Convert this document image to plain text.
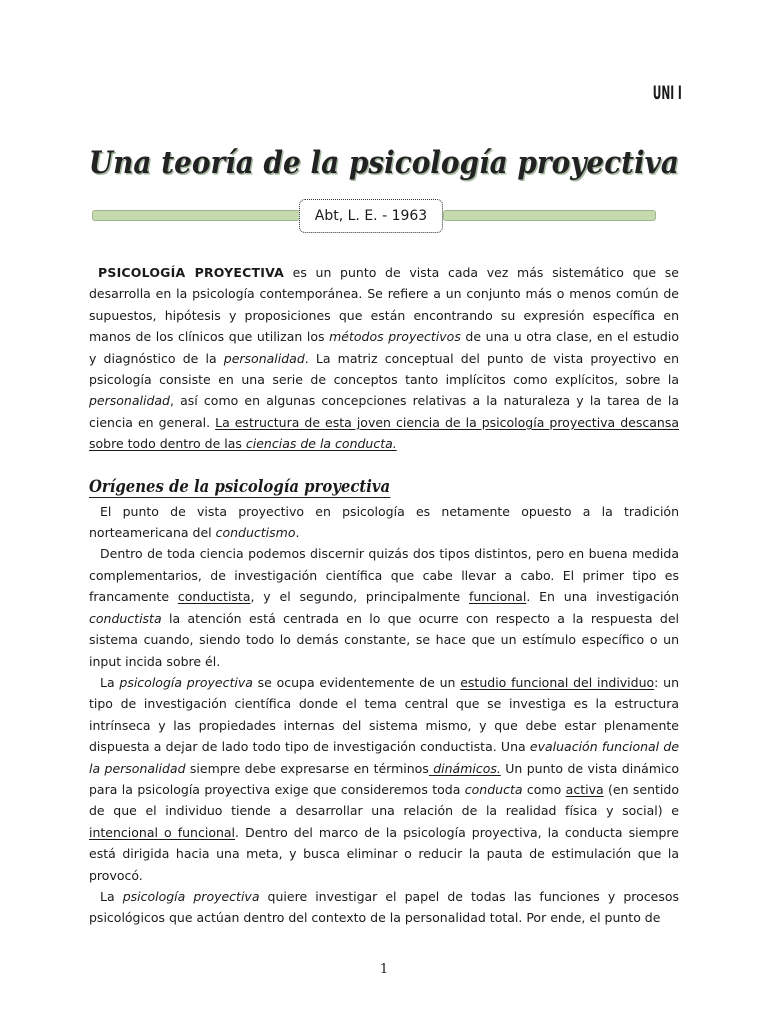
UNI I
Una teoría de la psicología proyectiva
Abt, L. E. - 1963

PSICOLOGÍA PROYECTIVA es un punto de vista cada vez más sistemático que se desarrolla en la psicología contemporánea. Se refiere a un conjunto más o menos común de supuestos, hipótesis y proposiciones que están encontrando su expresión específica en manos de los clínicos que utilizan los métodos proyectivos de una u otra clase, en el estudio y diagnóstico de la personalidad. La matriz conceptual del punto de vista proyectivo en psicología consiste en una serie de conceptos tanto implícitos como explícitos, sobre la personalidad, así como en algunas concepciones relativas a la naturaleza y la tarea de la ciencia en general. La estructura de esta joven ciencia de la psicología proyectiva descansa sobre todo dentro de las ciencias de la conducta.

Orígenes de la psicología proyectiva

El punto de vista proyectivo en psicología es netamente opuesto a la tradición norteamericana del conductismo.

Dentro de toda ciencia podemos discernir quizás dos tipos distintos, pero en buena medida complementarios, de investigación científica que cabe llevar a cabo. El primer tipo es francamente conductista, y el segundo, principalmente funcional. En una investigación conductista la atención está centrada en lo que ocurre con respecto a la respuesta del sistema cuando, siendo todo lo demás constante, se hace que un estímulo específico o un input incida sobre él.

La psicología proyectiva se ocupa evidentemente de un estudio funcional del individuo: un tipo de investigación científica donde el tema central que se investiga es la estructura intrínseca y las propiedades internas del sistema mismo, y que debe estar plenamente dispuesta a dejar de lado todo tipo de investigación conductista. Una evaluación funcional de la personalidad siempre debe expresarse en términos dinámicos. Un punto de vista dinámico para la psicología proyectiva exige que consideremos toda conducta como activa (en sentido de que el individuo tiende a desarrollar una relación de la realidad física y social) e intencional o funcional. Dentro del marco de la psicología proyectiva, la conducta siempre está dirigida hacia una meta, y busca eliminar o reducir la pauta de estimulación que la provocó.

La psicología proyectiva quiere investigar el papel de todas las funciones y procesos psicológicos que actúan dentro del contexto de la personalidad total. Por ende, el punto de

1
